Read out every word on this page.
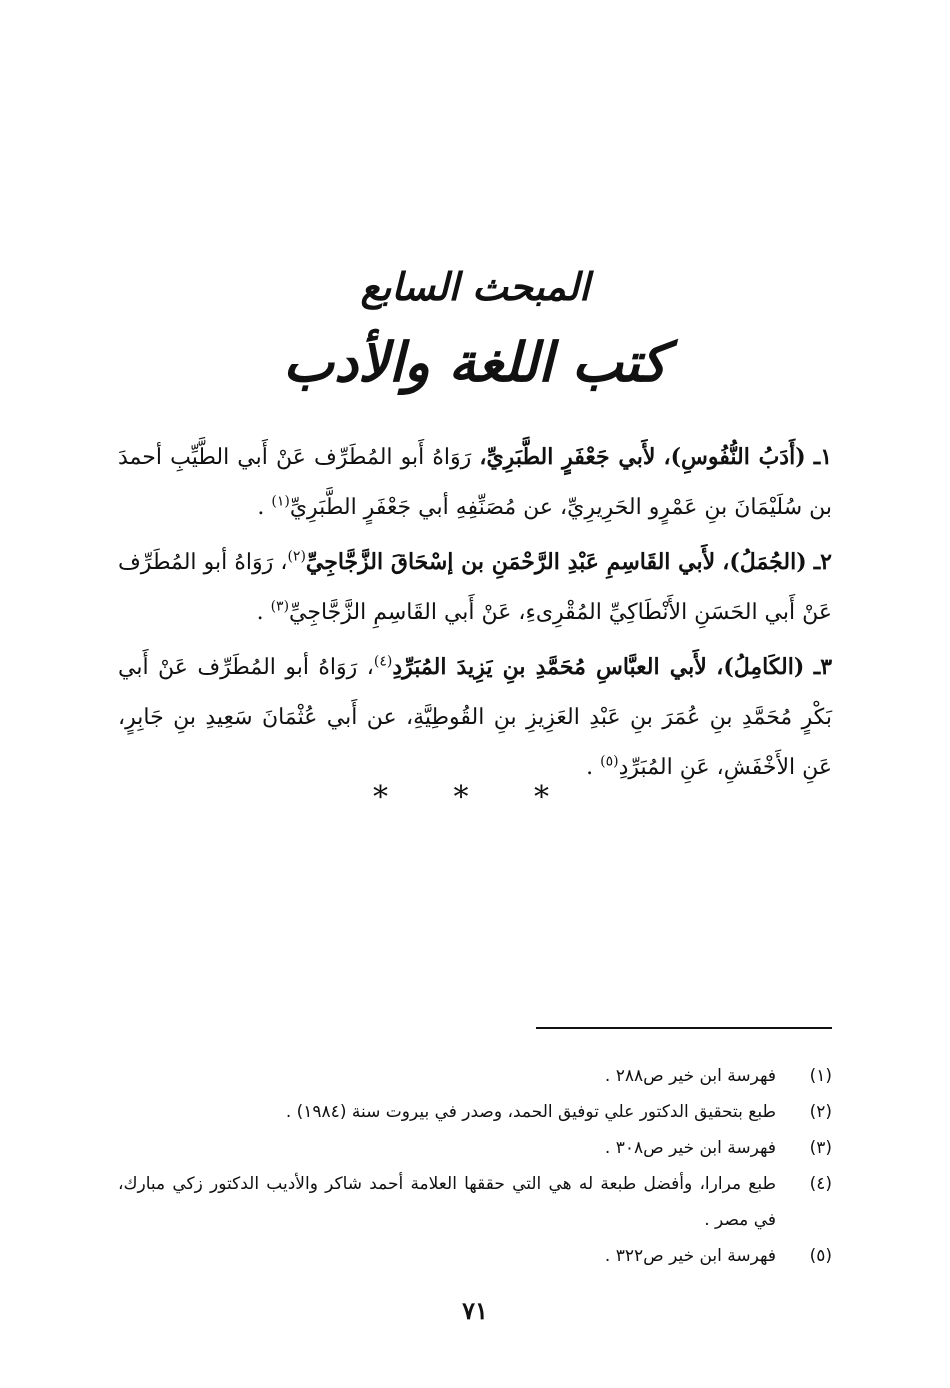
المبحث السابع
كتب اللغة والأدب

١ـ (أَدَبُ النُّفُوسِ)، لأَبي جَعْفَرٍ الطَّبَرِيِّ، رَوَاهُ أَبو المُطَرِّف عَنْ أَبي الطَّيِّبِ أحمدَ بن سُلَيْمَانَ بنِ عَمْرٍو الحَرِيرِيِّ، عن مُصَنِّفِهِ أبي جَعْفَرٍ الطَّبَرِيِّ$^{(١)}$ .

٢ـ (الجُمَلُ)، لأَبي القَاسِمِ عَبْدِ الرَّحْمَنِ بن إسْحَاقَ الزَّجَّاجِيِّ$^{(٢)}$، رَوَاهُ أبو المُطَرِّف عَنْ أَبي الحَسَنِ الأَنْطَاكِيِّ المُقْرِىءِ، عَنْ أَبي القَاسِمِ الزَّجَّاجِيِّ$^{(٣)}$ .

٣ـ (الكَامِلُ)، لأَبي العبَّاسِ مُحَمَّدِ بنِ يَزِيدَ المُبَرِّدِ$^{(٤)}$، رَوَاهُ أبو المُطَرِّف عَنْ أَبي بَكْرٍ مُحَمَّدِ بنِ عُمَرَ بنِ عَبْدِ العَزِيزِ بنِ القُوطِيَّةِ، عن أَبي عُثْمَانَ سَعِيدِ بنِ جَابِرٍ، عَنِ الأَخْفَشِ، عَنِ المُبَرِّدِ$^{(٥)}$ .

* * *
(١)
فهرسة ابن خير ص٢٨٨ .
(٢)
طبع بتحقيق الدكتور علي توفيق الحمد، وصدر في بيروت سنة (١٩٨٤) .
(٣)
فهرسة ابن خير ص٣٠٨ .
(٤)
طبع مرارا، وأفضل طبعة له هي التي حققها العلامة أحمد شاكر والأديب الدكتور زكي مبارك، في مصر .
(٥)
فهرسة ابن خير ص٣٢٢ .
٧١
